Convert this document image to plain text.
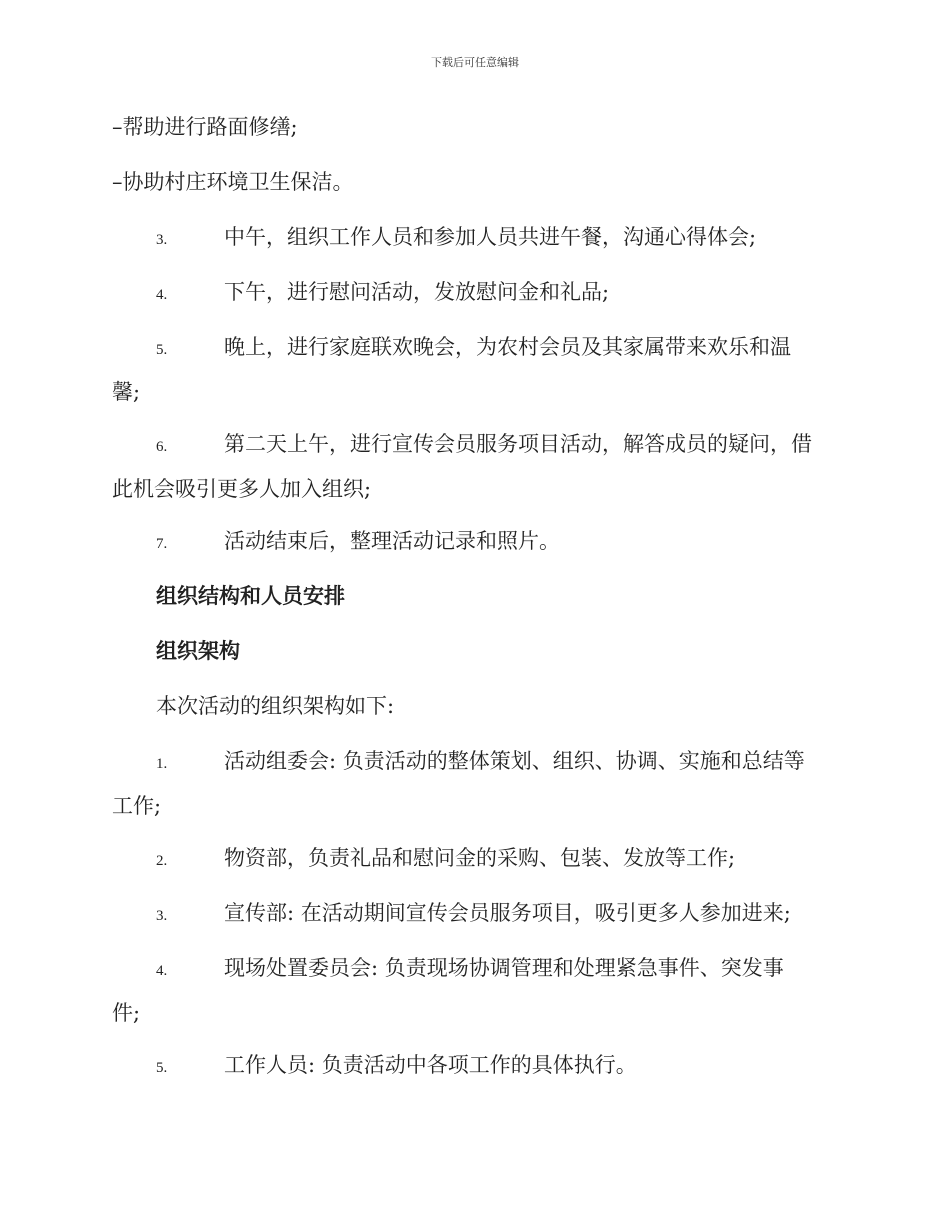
下载后可任意编辑
–帮助进行路面修缮;
–协助村庄环境卫生保洁。
3.	中午，组织工作人员和参加人员共进午餐，沟通心得体会;
4.	下午，进行慰问活动，发放慰问金和礼品;
5.	晚上，进行家庭联欢晚会，为农村会员及其家属带来欢乐和温
馨;
6.	第二天上午，进行宣传会员服务项目活动，解答成员的疑问，借
此机会吸引更多人加入组织;
7.	活动结束后，整理活动记录和照片。
组织结构和人员安排
组织架构
本次活动的组织架构如下:
1.	活动组委会: 负责活动的整体策划、组织、协调、实施和总结等
工作;
2.	物资部，负责礼品和慰问金的采购、包装、发放等工作;
3.	宣传部: 在活动期间宣传会员服务项目，吸引更多人参加进来;
4.	现场处置委员会: 负责现场协调管理和处理紧急事件、突发事
件;
5.	工作人员: 负责活动中各项工作的具体执行。
